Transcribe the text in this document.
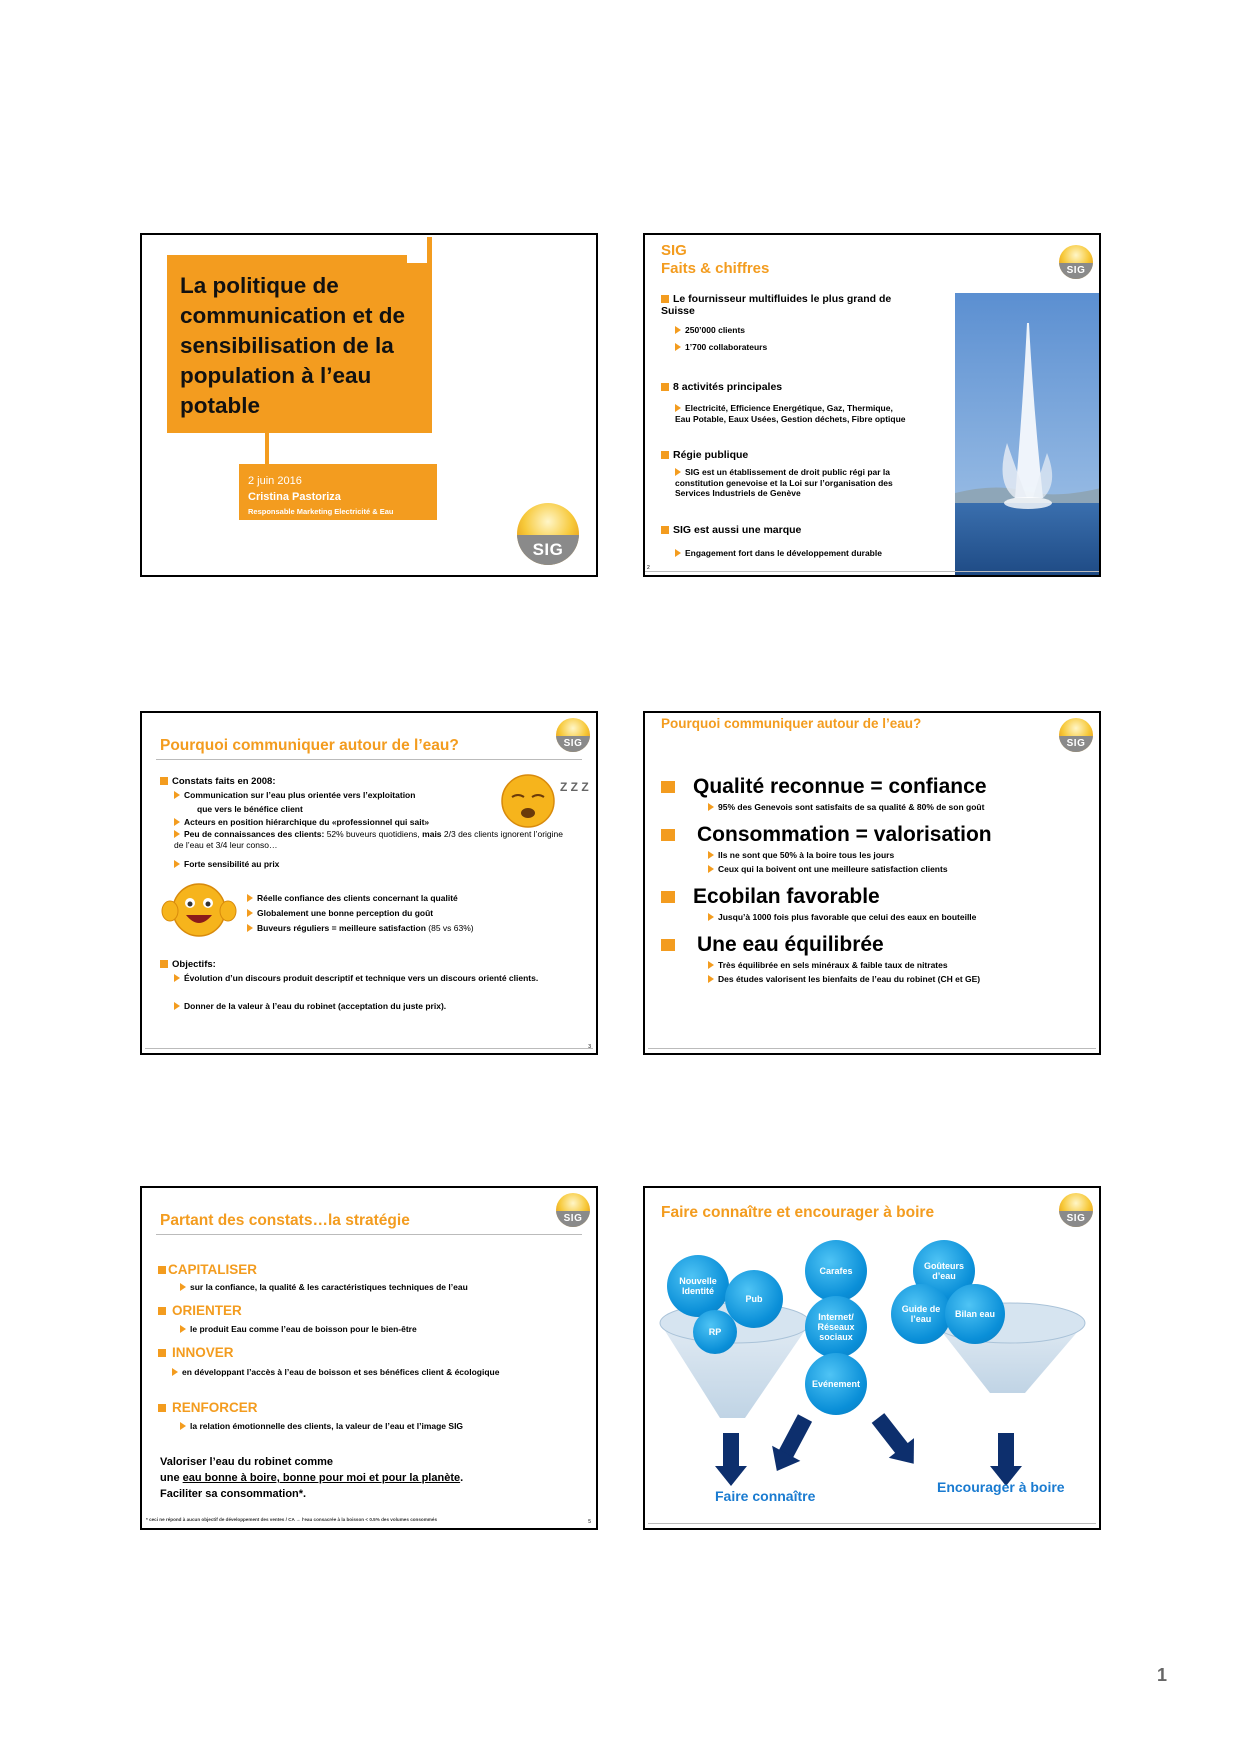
La politique de communication et de sensibilisation de la population à l’eau potable
2 juin 2016
Cristina Pastoriza
Responsable Marketing Electricité & Eau
SIG
SIG
SIG
Faits & chiffres
Le fournisseur multifluides le plus grand de Suisse
250’000 clients
1’700 collaborateurs
8 activités principales
Electricité, Efficience Energétique, Gaz, Thermique, Eau Potable, Eaux Usées, Gestion déchets, Fibre optique
Régie publique
SIG est un établissement de droit public régi par la constitution genevoise et la Loi sur l’organisation des Services Industriels de Genève
SIG est aussi une marque
Engagement fort dans le développement durable
2
SIG
Pourquoi communiquer autour de l’eau?
Constats faits en 2008:
Communication sur l’eau plus orientée vers l’exploitation
que vers le bénéfice client
Acteurs en position hiérarchique du «professionnel qui sait»
Peu de connaissances des clients: 52% buveurs quotidiens, mais 2/3 des clients ignorent l’origine de l’eau et 3/4 leur conso…
Forte sensibilité au prix
Z Z Z
Réelle confiance des clients concernant la qualité
Globalement une bonne perception du goût
Buveurs réguliers = meilleure satisfaction (85 vs 63%)
Objectifs:
Évolution d’un discours produit descriptif et technique vers un discours orienté clients.
Donner de la valeur à l’eau du robinet (acceptation du juste prix).
3
SIG
Pourquoi communiquer autour de l’eau?
Qualité reconnue = confiance
95% des Genevois sont satisfaits de sa qualité & 80% de son goût
Consommation = valorisation
Ils ne sont que 50% à la boire tous les jours
Ceux qui la boivent ont une meilleure satisfaction clients
Ecobilan favorable
Jusqu’à 1000 fois plus favorable que celui des eaux en bouteille
Une eau équilibrée
Très équilibrée en sels minéraux & faible taux de nitrates
Des études valorisent les bienfaits de l’eau du robinet (CH et GE)
SIG
Partant des constats…la stratégie
CAPITALISER
sur la confiance, la qualité & les caractéristiques techniques de l’eau
ORIENTER
le produit Eau comme l’eau de boisson pour le bien-être
INNOVER
en développant l’accès à l’eau de boisson et ses bénéfices client & écologique
RENFORCER
la relation émotionnelle des clients, la valeur de l’eau et l’image SIG
Valoriser l’eau du robinet comme
une eau bonne à boire, bonne pour moi et pour la planète.
Faciliter sa consommation*.
* ceci ne répond à aucun objectif de développement des ventes / CA → l’eau consacrée à la boisson < 0.5% des volumes consommés	5
SIG
Faire connaître et encourager à boire
Nouvelle Identité
Pub
RP
Carafes
Internet/ Réseaux sociaux
Evénement
Goûteurs d’eau
Guide de l’eau	Bilan eau
Faire connaître
Encourager à boire
1
